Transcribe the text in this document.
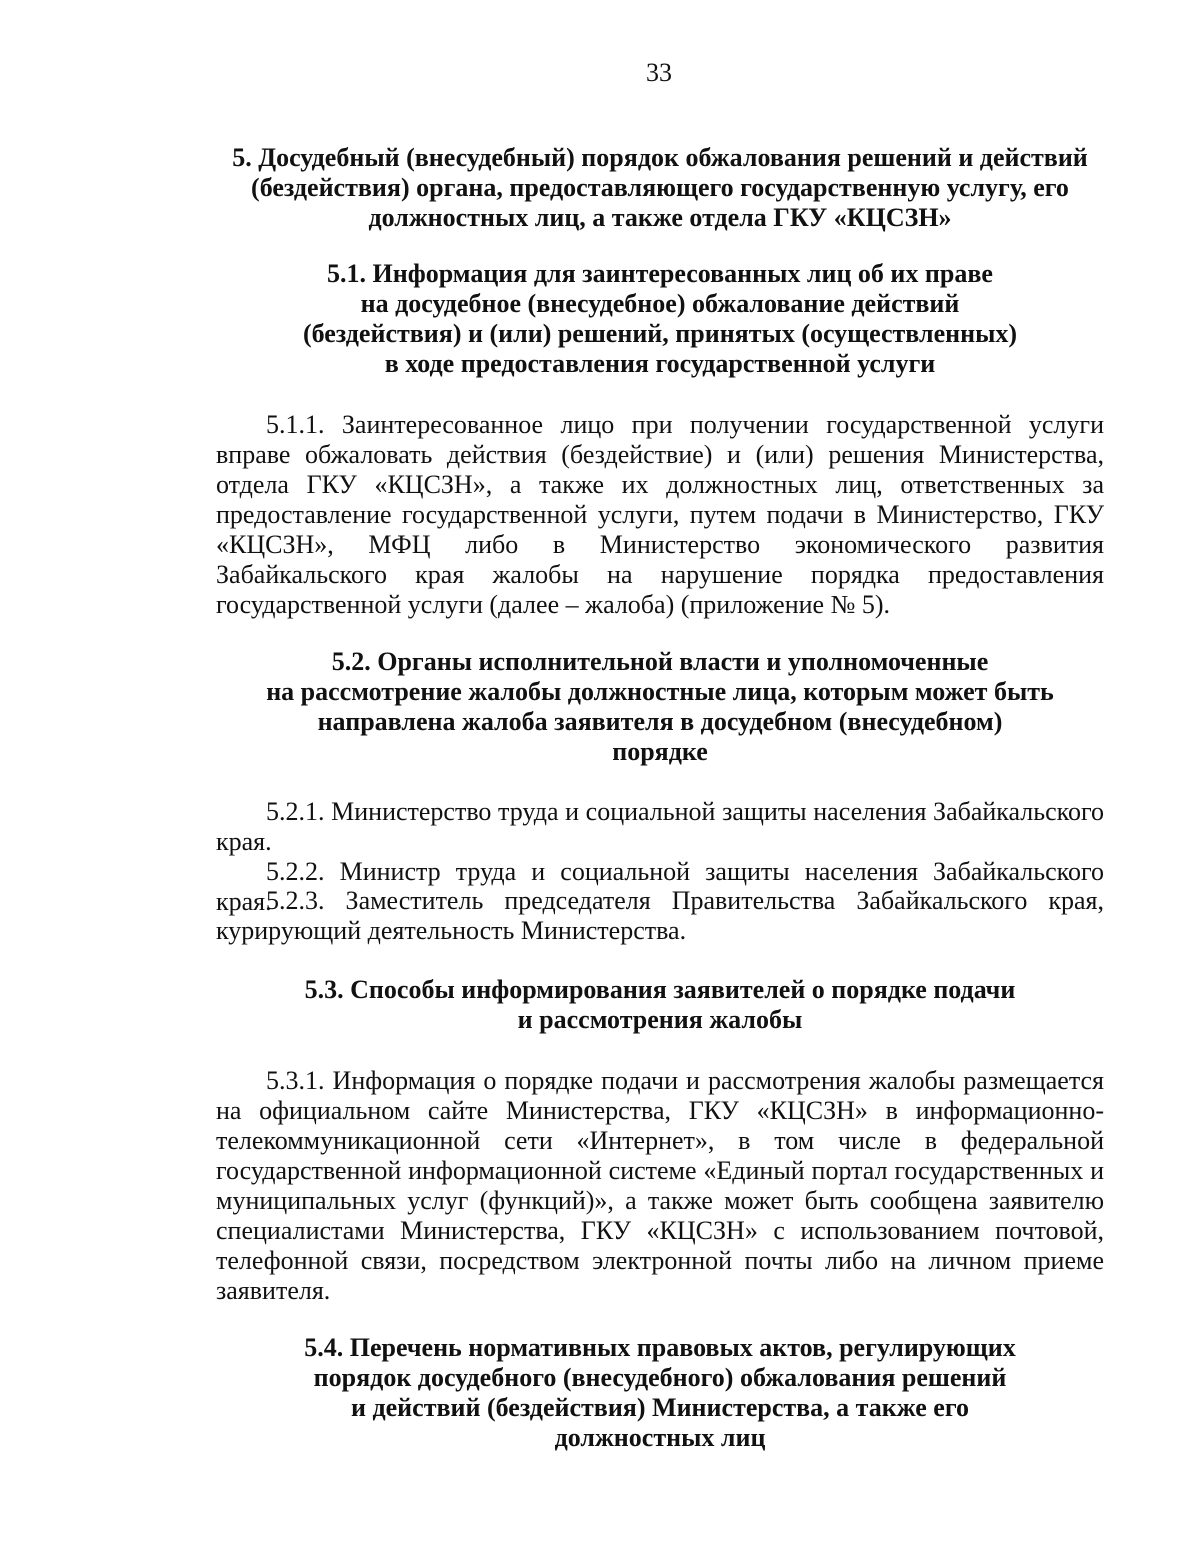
33
5. Досудебный (внесудебный) порядок обжалования решений и действий
(бездействия) органа, предоставляющего государственную услугу, его
должностных лиц, а также отдела ГКУ «КЦСЗН»
5.1. Информация для заинтересованных лиц об их праве
на досудебное (внесудебное) обжалование действий
(бездействия) и (или) решений, принятых (осуществленных)
в ходе предоставления государственной услуги
5.1.1. Заинтересованное лицо при получении государственной услуги вправе обжаловать действия (бездействие) и (или) решения Министерства, отдела ГКУ «КЦСЗН», а также их должностных лиц, ответственных за предоставление государственной услуги, путем подачи в Министерство, ГКУ «КЦСЗН», МФЦ либо в Министерство экономического развития Забайкальского края жалобы на нарушение порядка предоставления государственной услуги (далее – жалоба) (приложение № 5).
5.2. Органы исполнительной власти и уполномоченные
на рассмотрение жалобы должностные лица, которым может быть
направлена жалоба заявителя в досудебном (внесудебном)
порядке
5.2.1. Министерство труда и социальной защиты населения Забайкальского края.
5.2.2. Министр труда и социальной защиты населения Забайкальского края.
5.2.3. Заместитель председателя Правительства Забайкальского края, курирующий деятельность Министерства.
5.3. Способы информирования заявителей о порядке подачи
и рассмотрения жалобы
5.3.1. Информация о порядке подачи и рассмотрения жалобы размещается на официальном сайте Министерства, ГКУ «КЦСЗН» в информационно-телекоммуникационной сети «Интернет», в том числе в федеральной государственной информационной системе «Единый портал государственных и муниципальных услуг (функций)», а также может быть сообщена заявителю специалистами Министерства, ГКУ «КЦСЗН» с использованием почтовой, телефонной связи, посредством электронной почты либо на личном приеме заявителя.
5.4. Перечень нормативных правовых актов, регулирующих
порядок досудебного (внесудебного) обжалования решений
и действий (бездействия) Министерства, а также его
должностных лиц
